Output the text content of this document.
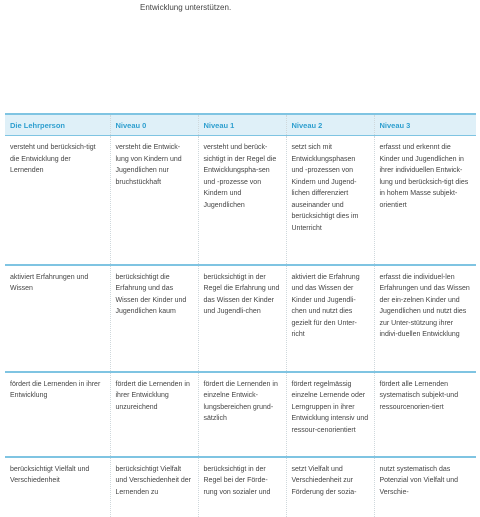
Entwicklung unterstützen.
Die Lehrperson	Niveau 0	Niveau 1	Niveau 2	Niveau 3
versteht und berücksich-tigt die Entwicklung der Lernenden	versteht die Entwick-lung von Kindern und Jugendlichen nur bruchstückhaft	versteht und berück-sichtigt in der Regel die Entwicklungspha-sen und -prozesse von Kindern und Jugendlichen	setzt sich mit Entwicklungsphasen und -prozessen von Kindern und Jugend-lichen differenziert auseinander und berücksichtigt dies im Unterricht	erfasst und erkennt die Kinder und Jugendlichen in ihrer individuellen Entwick-lung und berücksich-tigt dies in hohem Masse subjekt-orientiert
aktiviert Erfahrungen und Wissen	berücksichtigt die Erfahrung und das Wissen der Kinder und Jugendlichen kaum	berücksichtigt in der Regel die Erfahrung und das Wissen der Kinder und Jugendli-chen	aktiviert die Erfahrung und das Wissen der Kinder und Jugendli-chen und nutzt dies gezielt für den Unter-richt	erfasst die individuel-len Erfahrungen und das Wissen der ein-zelnen Kinder und Jugendlichen und nutzt dies zur Unter-stützung ihrer indivi-duellen Entwicklung
fördert die Lernenden in ihrer Entwicklung	fördert die Lernenden in ihrer Entwicklung unzureichend	fördert die Lernenden in einzelne Entwick-lungsbereichen grund-sätzlich	fördert regelmässig einzelne Lernende oder Lerngruppen in ihrer Entwicklung intensiv und ressour-cenorientiert	fördert alle Lernenden systematisch subjekt-und ressourcenorien-tiert
berücksichtigt Vielfalt und Verschiedenheit	berücksichtigt Vielfalt und Verschiedenheit der Lernenden zu	berücksichtigt in der Regel bei der Förde-rung von sozialer und	setzt Vielfalt und Verschiedenheit zur Förderung der sozia-	nutzt systematisch das Potenzial von Vielfalt und Verschie-
